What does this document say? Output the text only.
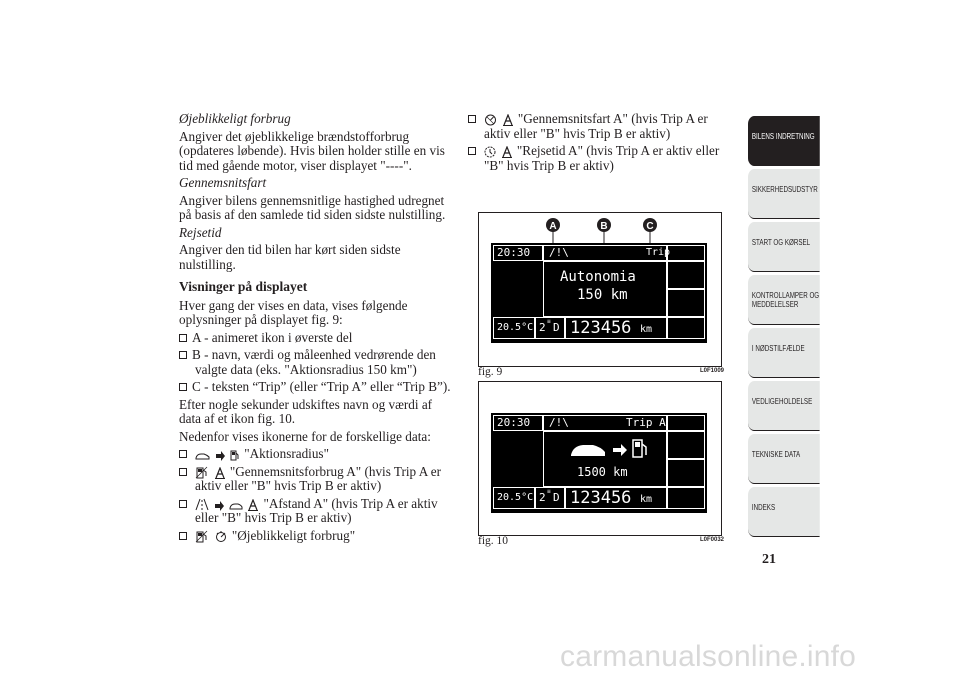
Øjeblikkeligt forbrug

Angiver det øjeblikkelige brændstofforbrug (opdateres løbende). Hvis bilen holder stille en vis tid med gående motor, viser displayet "----".

Gennemsnitsfart

Angiver bilens gennemsnitlige hastighed udregnet på basis af den samlede tid siden sidste nulstilling.

Rejsetid

Angiver den tid bilen har kørt siden sidste nulstilling.

Visninger på displayet

Hver gang der vises en data, vises følgende oplysninger på displayet fig. 9:

A - animeret ikon i øverste del

B - navn, værdi og måleenhed vedrørende den valgte data (eks. "Aktionsradius 150 km")

C - teksten “Trip” (eller “Trip A” eller “Trip B”).

Efter nogle sekunder udskiftes navn og værdi af data af et ikon fig. 10.

Nedenfor vises ikonerne for de forskellige data:

"Aktionsradius"

"Gennemsnitsforbrug A" (hvis Trip A er aktiv eller "B" hvis Trip B er aktiv)

"Afstand A" (hvis Trip A er aktiv eller "B" hvis Trip B er aktiv)

"Øjeblikkeligt forbrug"

"Gennemsnitsfart A" (hvis Trip A er aktiv eller "B" hvis Trip B er aktiv)

"Rejsetid A" (hvis Trip A er aktiv eller "B" hvis Trip B er aktiv)

A	B	C
20:30 /!\	Trip
Autonomia
150 km
20.5°C 2 ≡ D 123456 km
fig. 9	L0F1009
20:30 /!\	Trip A
1500 km
20.5°C 2 ≡ D 123456 km
fig. 10	L0F0032
BILENS INDRETNING
SIKKERHEDSUDSTYR
START OG KØRSEL
KONTROLLAMPER OG MEDDELELSER
I NØDSTILFÆLDE
VEDLIGEHOLDELSE
TEKNISKE DATA
INDEKS
21
carmanualsonline.info
